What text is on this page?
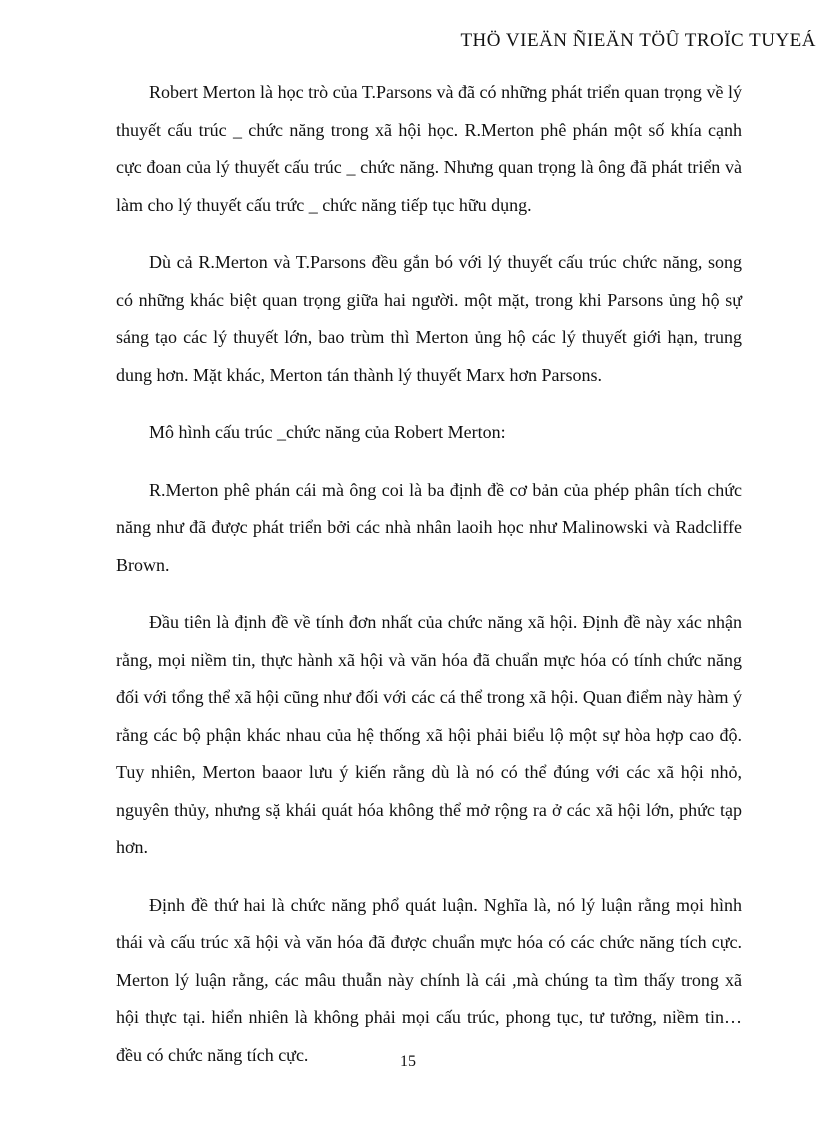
THÖ VIEÄN ÑIEÄN TÖÛ TROÏC TUYEÁ

Robert Merton là học trò của T.Parsons và đã có những phát triển quan trọng về lý thuyết cấu trúc _ chức năng trong xã hội học. R.Merton phê phán một số khía cạnh cực đoan của lý thuyết cấu trúc _ chức năng. Nhưng quan trọng là ông đã phát triển và làm cho lý thuyết cấu trức _ chức năng tiếp tục hữu dụng.

Dù cả R.Merton và T.Parsons đều gắn bó với lý thuyết cấu trúc chức năng, song có những khác biệt quan trọng giữa hai người. một mặt, trong khi Parsons ủng hộ sự sáng tạo các lý thuyết lớn, bao trùm thì Merton ủng hộ các lý thuyết giới hạn, trung dung hơn. Mặt khác, Merton tán thành lý thuyết Marx hơn Parsons.

Mô hình cấu trúc _chức năng của Robert Merton:

R.Merton phê phán cái mà ông coi là ba định đề cơ bản của phép phân tích chức năng như đã được phát triển bởi các nhà nhân laoih học như Malinowski và Radcliffe Brown.

Đầu tiên là định đề về tính đơn nhất của chức năng xã hội. Định đề này xác nhận rằng, mọi niềm tin, thực hành xã hội và văn hóa đã chuẩn mực hóa có tính chức năng đối với tổng thể xã hội cũng như đối với các cá thể trong xã hội. Quan điểm này hàm ý rằng các bộ phận khác nhau của hệ thống xã hội phải biểu lộ một sự hòa hợp cao độ. Tuy nhiên, Merton baaor lưu ý kiến rằng dù là nó có thể đúng với các xã hội nhỏ, nguyên thủy, nhưng sặ khái quát hóa không thể mở rộng ra ở các xã hội lớn, phức tạp hơn.

Định đề thứ hai là chức năng phổ quát luận. Nghĩa là, nó lý luận rằng mọi hình thái và cấu trúc xã hội và văn hóa đã được chuẩn mực hóa có các chức năng tích cực. Merton lý luận rằng, các mâu thuẫn này chính là cái ,mà chúng ta tìm thấy trong xã hội thực tại. hiển nhiên là không phải mọi cấu trúc, phong tục, tư tưởng, niềm tin…đều có chức năng tích cực.	15
